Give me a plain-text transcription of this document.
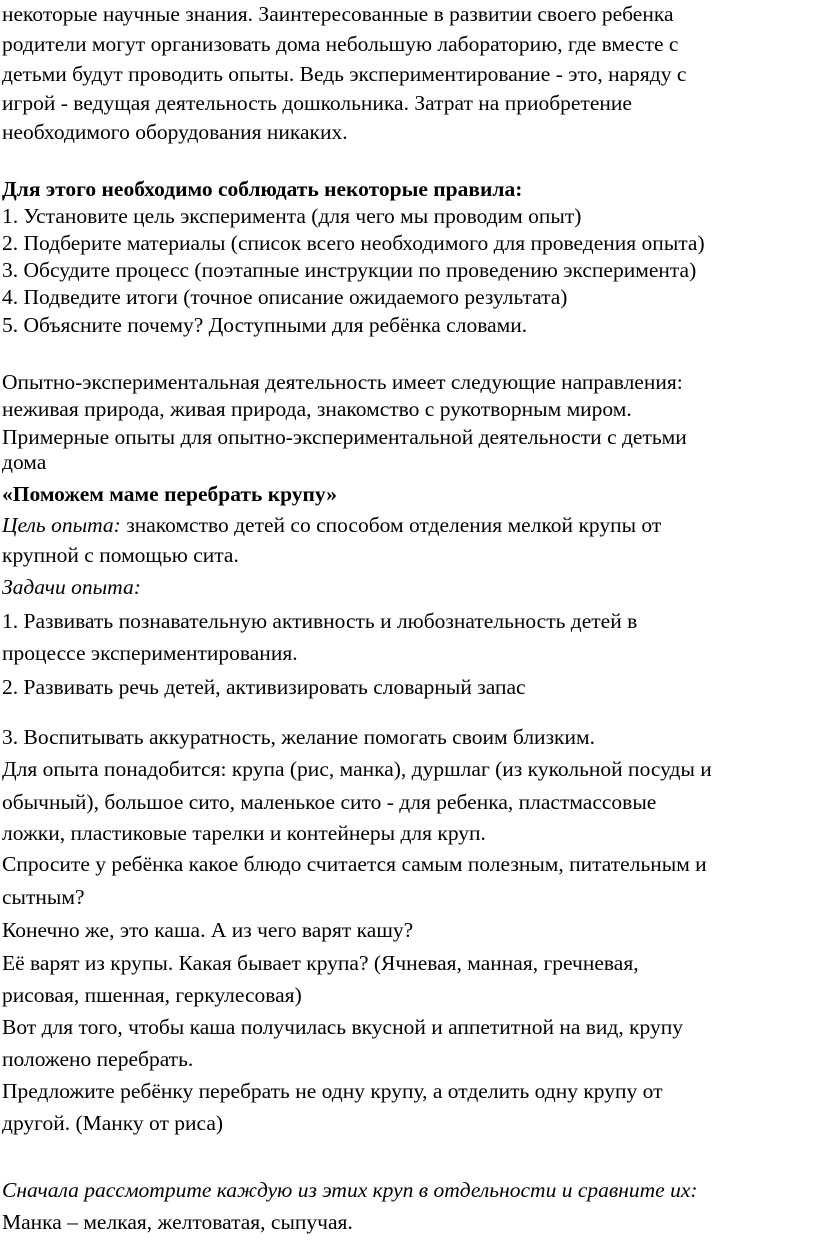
некоторые научные знания. Заинтересованные в развитии своего ребенка
родители могут организовать дома небольшую лабораторию, где вместе с
детьми будут проводить опыты. Ведь экспериментирование - это, наряду с
игрой - ведущая деятельность дошкольника. Затрат на приобретение
необходимого оборудования никаких.
Для этого необходимо соблюдать некоторые правила:
1. Установите цель эксперимента (для чего мы проводим опыт)
2. Подберите материалы (список всего необходимого для проведения опыта)
3. Обсудите процесс (поэтапные инструкции по проведению эксперимента)
4. Подведите итоги (точное описание ожидаемого результата)
5. Объясните почему? Доступными для ребёнка словами.
Опытно-экспериментальная деятельность имеет следующие направления:
неживая природа, живая природа, знакомство с рукотворным миром.
Примерные опыты для опытно-экспериментальной деятельности с детьми
дома
«Поможем маме перебрать крупу»
Цель опыта: знакомство детей со способом отделения мелкой крупы от
крупной с помощью сита.
Задачи опыта:
1. Развивать познавательную активность и любознательность детей в
процессе экспериментирования.
2. Развивать речь детей, активизировать словарный запас
3. Воспитывать аккуратность, желание помогать своим близким.
Для опыта понадобится: крупа (рис, манка), дуршлаг (из кукольной посуды и
обычный), большое сито, маленькое сито - для ребенка, пластмассовые
ложки, пластиковые тарелки и контейнеры для круп.
Спросите у ребёнка какое блюдо считается самым полезным, питательным и
сытным?
Конечно же, это каша. А из чего варят кашу?
Её варят из крупы. Какая бывает крупа? (Ячневая, манная, гречневая,
рисовая, пшенная, геркулесовая)
Вот для того, чтобы каша получилась вкусной и аппетитной на вид, крупу
положено перебрать.
Предложите ребёнку перебрать не одну крупу, а отделить одну крупу от
другой. (Манку от риса)
Сначала рассмотрите каждую из этих круп в отдельности и сравните их:
Манка – мелкая, желтоватая, сыпучая.
